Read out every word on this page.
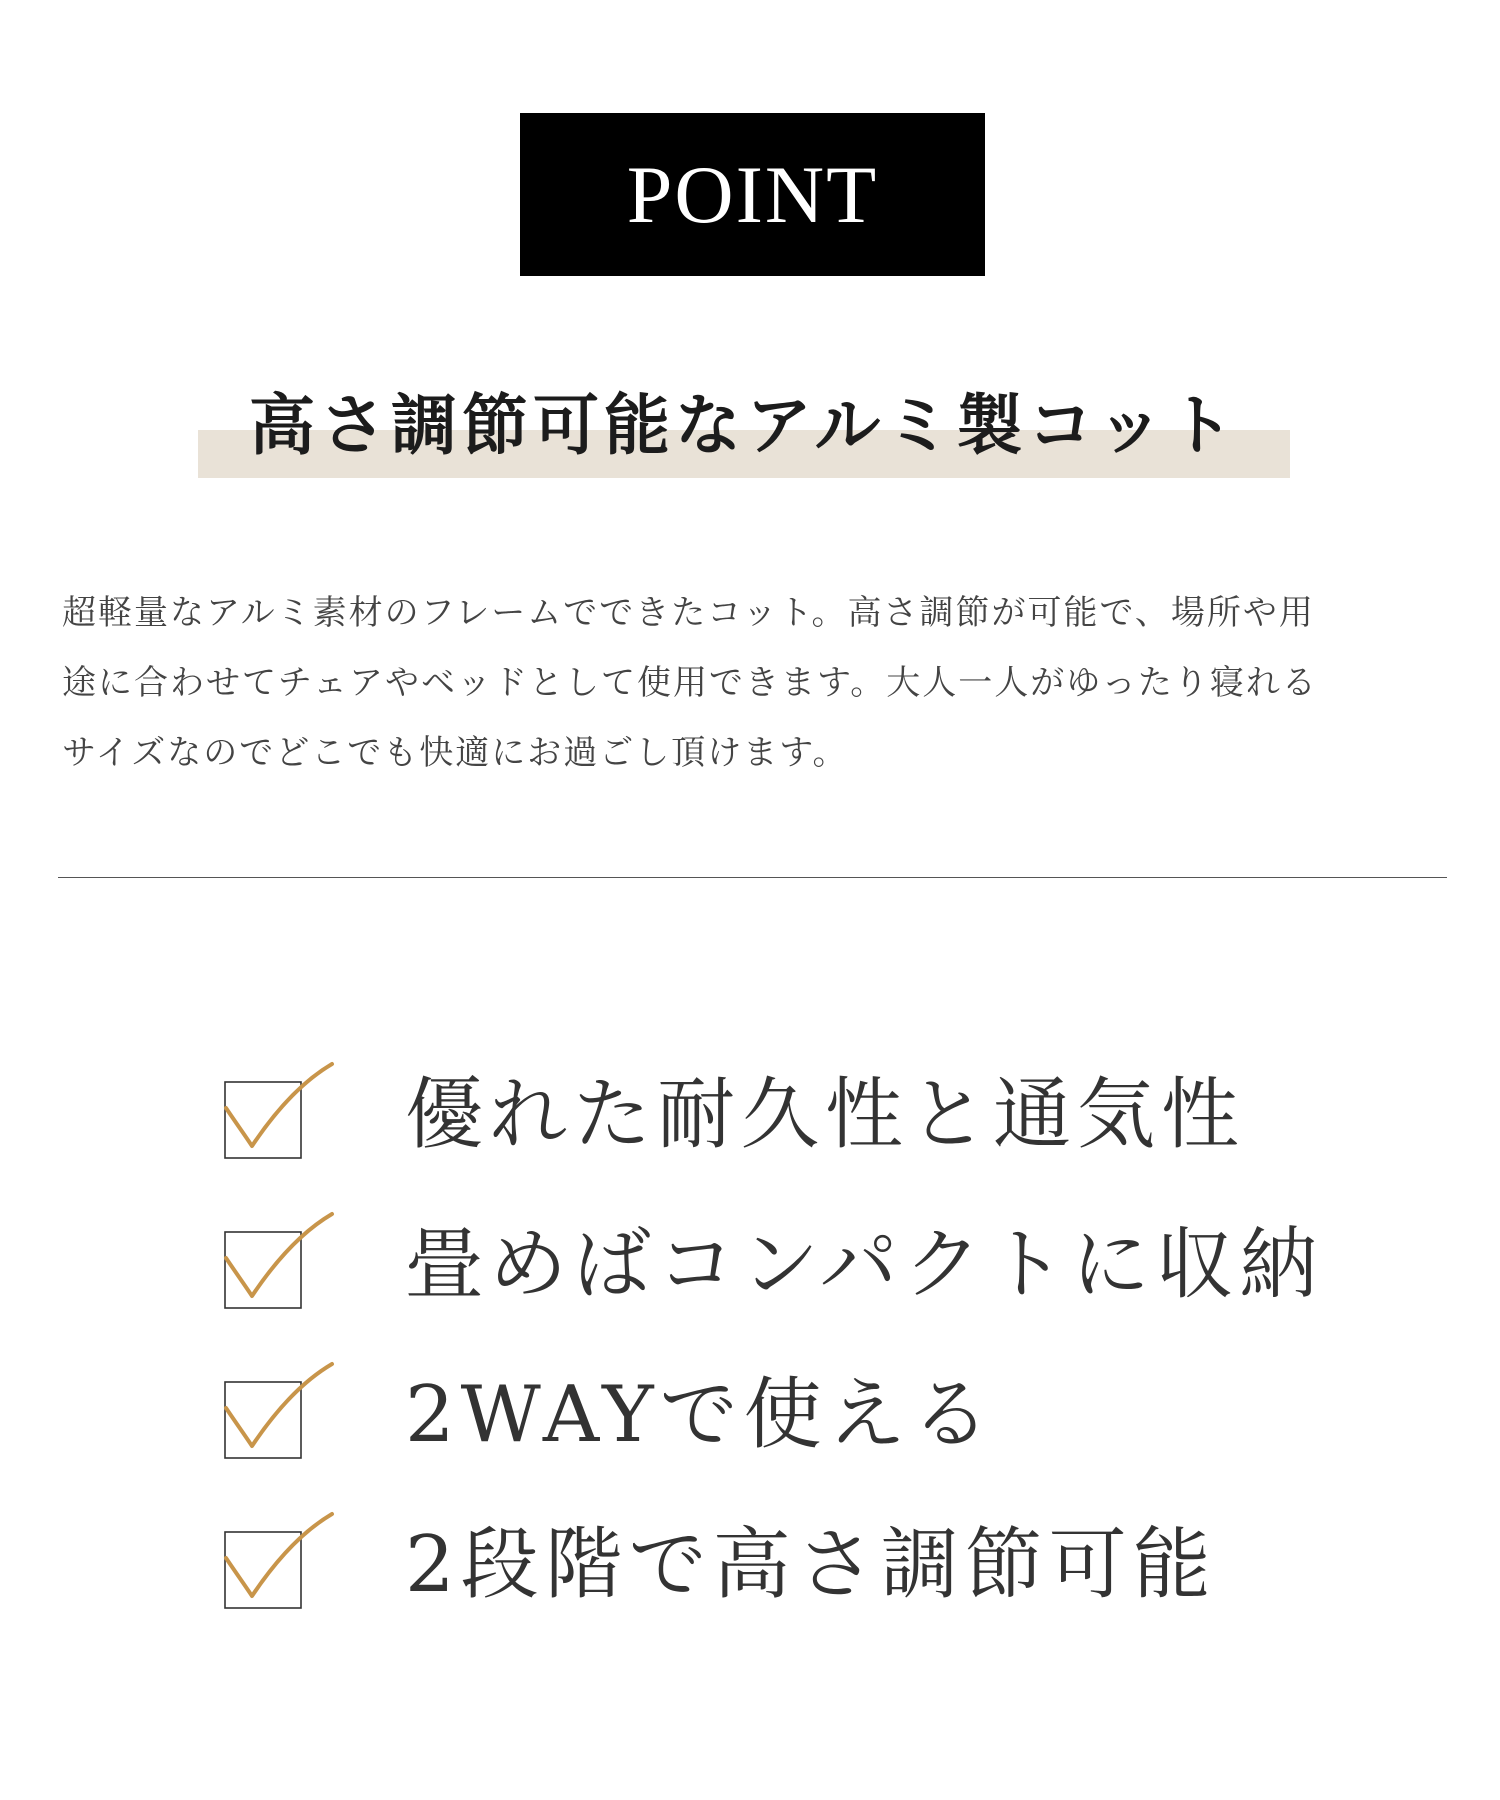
POINT
高さ調節可能なアルミ製コット

超軽量なアルミ素材のフレームでできたコット。高さ調節が可能で、場所や用
途に合わせてチェアやベッドとして使用できます。大人一人がゆったり寝れる
サイズなのでどこでも快適にお過ごし頂けます。

優れた耐久性と通気性
畳めばコンパクトに収納
2WAYで使える
2段階で高さ調節可能
